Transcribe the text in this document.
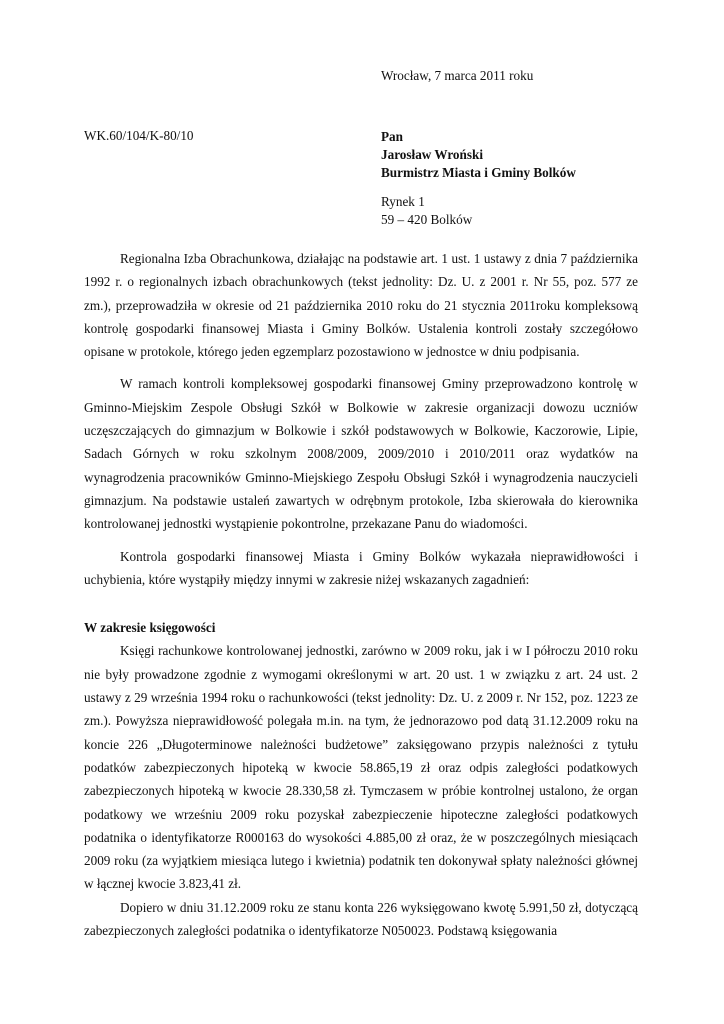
Wrocław, 7 marca 2011 roku
WK.60/104/K-80/10	Pan
Jarosław Wroński
Burmistrz Miasta i Gminy Bolków
Rynek 1
59 – 420 Bolków

Regionalna Izba Obrachunkowa, działając na podstawie art. 1 ust. 1 ustawy z dnia 7 października 1992 r. o regionalnych izbach obrachunkowych (tekst jednolity: Dz. U. z 2001 r. Nr 55, poz. 577 ze zm.), przeprowadziła w okresie od 21 października 2010 roku do 21 stycznia 2011roku kompleksową kontrolę gospodarki finansowej Miasta i Gminy Bolków. Ustalenia kontroli zostały szczegółowo opisane w protokole, którego jeden egzemplarz pozostawiono w jednostce w dniu podpisania.

W ramach kontroli kompleksowej gospodarki finansowej Gminy przeprowadzono kontrolę w Gminno-Miejskim Zespole Obsługi Szkół w Bolkowie w zakresie organizacji dowozu uczniów uczęszczających do gimnazjum w Bolkowie i szkół podstawowych w Bolkowie, Kaczorowie, Lipie, Sadach Górnych w roku szkolnym 2008/2009, 2009/2010 i 2010/2011 oraz wydatków na wynagrodzenia pracowników Gminno-Miejskiego Zespołu Obsługi Szkół i wynagrodzenia nauczycieli gimnazjum. Na podstawie ustaleń zawartych w odrębnym protokole, Izba skierowała do kierownika kontrolowanej jednostki wystąpienie pokontrolne, przekazane Panu do wiadomości.

Kontrola gospodarki finansowej Miasta i Gminy Bolków wykazała nieprawidłowości i uchybienia, które wystąpiły między innymi w zakresie niżej wskazanych zagadnień:

W zakresie księgowości

Księgi rachunkowe kontrolowanej jednostki, zarówno w 2009 roku, jak i w I półroczu 2010 roku nie były prowadzone zgodnie z wymogami określonymi w art. 20 ust. 1 w związku z art. 24 ust. 2 ustawy z 29 września 1994 roku o rachunkowości (tekst jednolity: Dz. U. z 2009 r. Nr 152, poz. 1223 ze zm.). Powyższa nieprawidłowość polegała m.in. na tym, że jednorazowo pod datą 31.12.2009 roku na koncie 226 „Długoterminowe należności budżetowe” zaksięgowano przypis należności z tytułu podatków zabezpieczonych hipoteką w kwocie 58.865,19 zł oraz odpis zaległości podatkowych zabezpieczonych hipoteką w kwocie 28.330,58 zł. Tymczasem w próbie kontrolnej ustalono, że organ podatkowy we wrześniu 2009 roku pozyskał zabezpieczenie hipoteczne zaległości podatkowych podatnika o identyfikatorze R000163 do wysokości 4.885,00 zł oraz, że w poszczególnych miesiącach 2009 roku (za wyjątkiem miesiąca lutego i kwietnia) podatnik ten dokonywał spłaty należności głównej w łącznej kwocie 3.823,41 zł.

Dopiero w dniu 31.12.2009 roku ze stanu konta 226 wyksięgowano kwotę 5.991,50 zł, dotyczącą zabezpieczonych zaległości podatnika o identyfikatorze N050023. Podstawą księgowania
